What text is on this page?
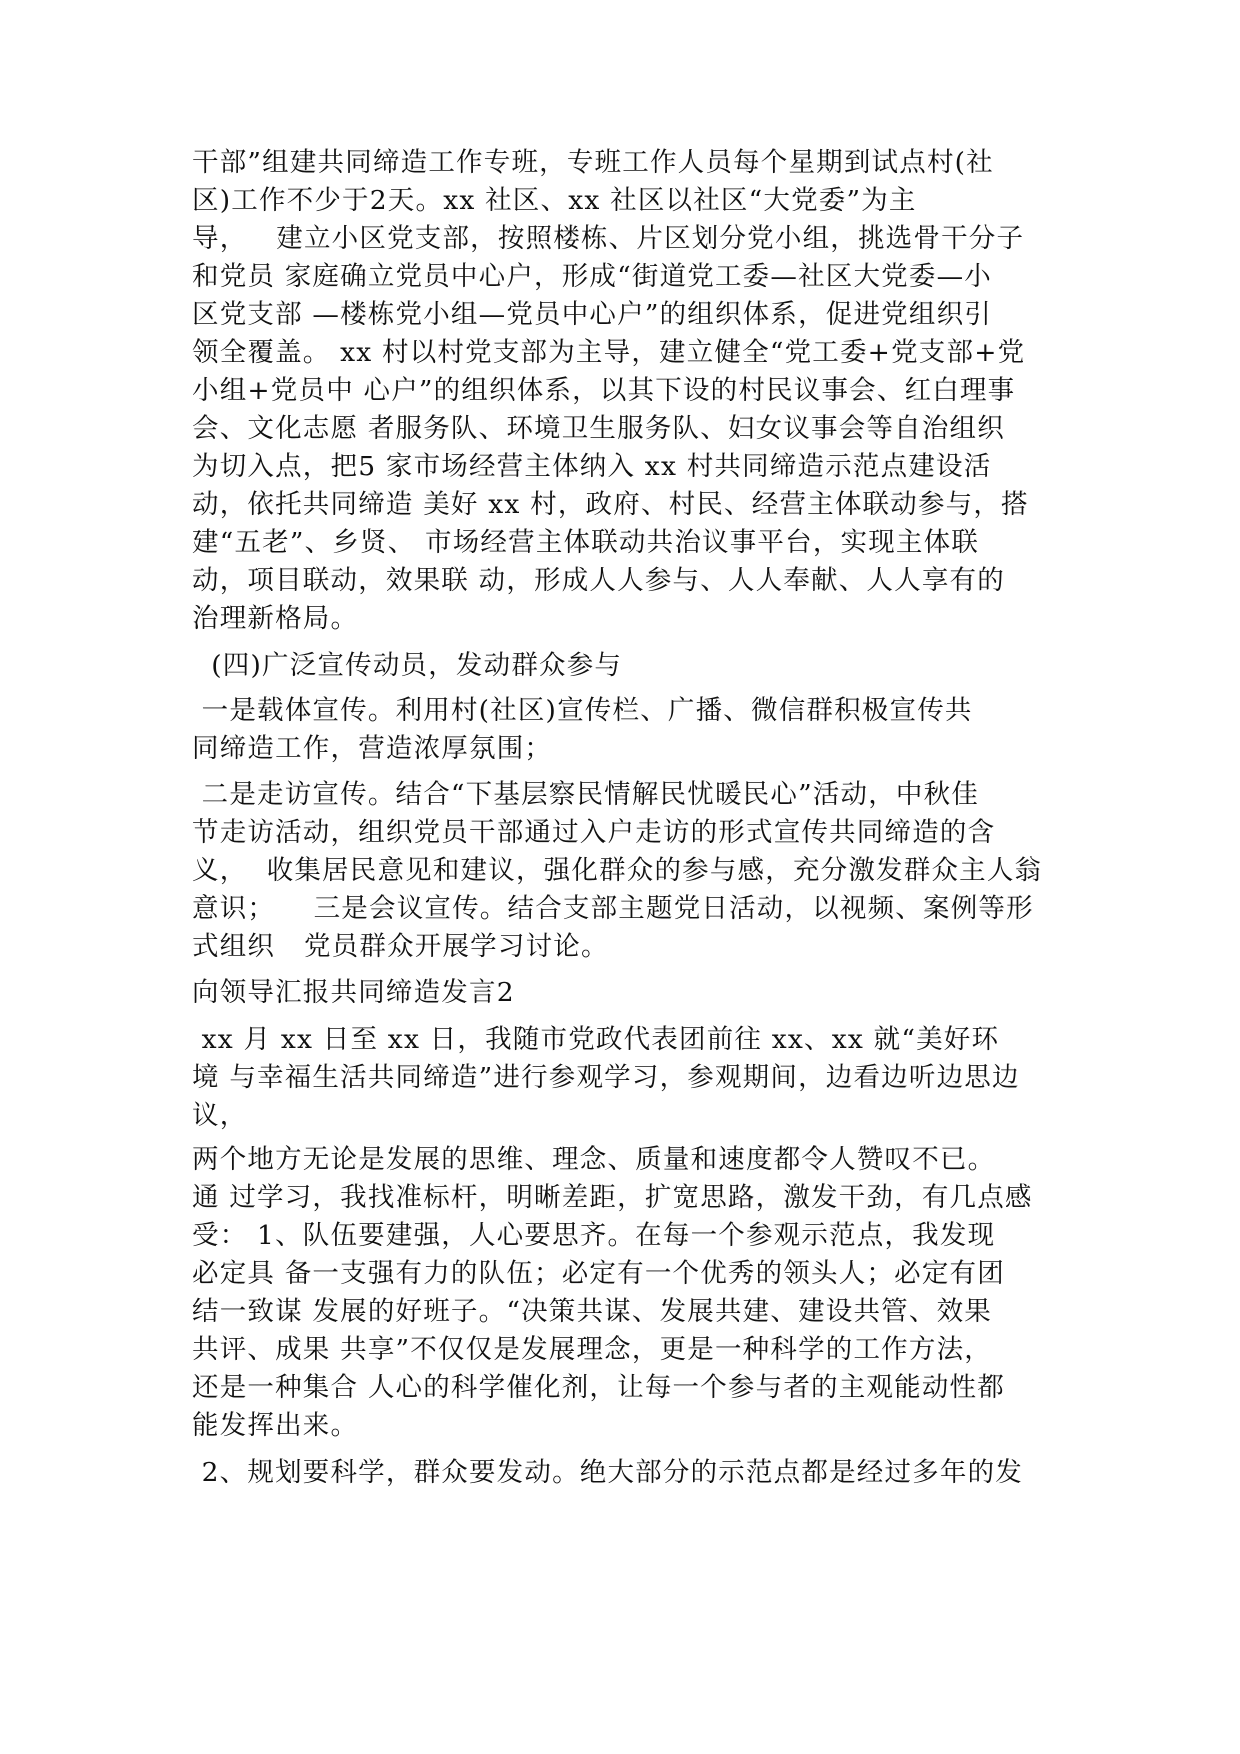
干部”组建共同缔造工作专班，专班工作人员每个星期到试点村(社
区)工作不少于2天。xx 社区、xx 社区以社区“大党委”为主
导，   建立小区党支部，按照楼栋、片区划分党小组，挑选骨干分子
和党员 家庭确立党员中心户，形成“街道党工委—社区大党委—小
区党支部 —楼栋党小组—党员中心户”的组织体系，促进党组织引
领全覆盖。 xx 村以村党支部为主导，建立健全“党工委+党支部+党
小组+党员中 心户”的组织体系，以其下设的村民议事会、红白理事
会、文化志愿 者服务队、环境卫生服务队、妇女议事会等自治组织
为切入点，把5 家市场经营主体纳入 xx 村共同缔造示范点建设活
动，依托共同缔造 美好 xx 村，政府、村民、经营主体联动参与，搭
建“五老”、乡贤、 市场经营主体联动共治议事平台，实现主体联
动，项目联动，效果联 动，形成人人参与、人人奉献、人人享有的
治理新格局。
(四)广泛宣传动员，发动群众参与
一是载体宣传。利用村(社区)宣传栏、广播、微信群积极宣传共
同缔造工作，营造浓厚氛围；
二是走访宣传。结合“下基层察民情解民忧暖民心”活动，中秋佳
节走访活动，组织党员干部通过入户走访的形式宣传共同缔造的含
义，  收集居民意见和建议，强化群众的参与感，充分激发群众主人翁
意识；    三是会议宣传。结合支部主题党日活动，以视频、案例等形
式组织   党员群众开展学习讨论。
向领导汇报共同缔造发言2
xx 月 xx 日至 xx 日，我随市党政代表团前往 xx、xx 就“美好环
境 与幸福生活共同缔造”进行参观学习，参观期间，边看边听边思边
议，
两个地方无论是发展的思维、理念、质量和速度都令人赞叹不已。
通 过学习，我找准标杆，明晰差距，扩宽思路，激发干劲，有几点感
受： 1、队伍要建强，人心要思齐。在每一个参观示范点，我发现
必定具 备一支强有力的队伍；必定有一个优秀的领头人；必定有团
结一致谋 发展的好班子。“决策共谋、发展共建、建设共管、效果
共评、成果 共享”不仅仅是发展理念，更是一种科学的工作方法，
还是一种集合 人心的科学催化剂，让每一个参与者的主观能动性都
能发挥出来。
2、规划要科学，群众要发动。绝大部分的示范点都是经过多年的发
